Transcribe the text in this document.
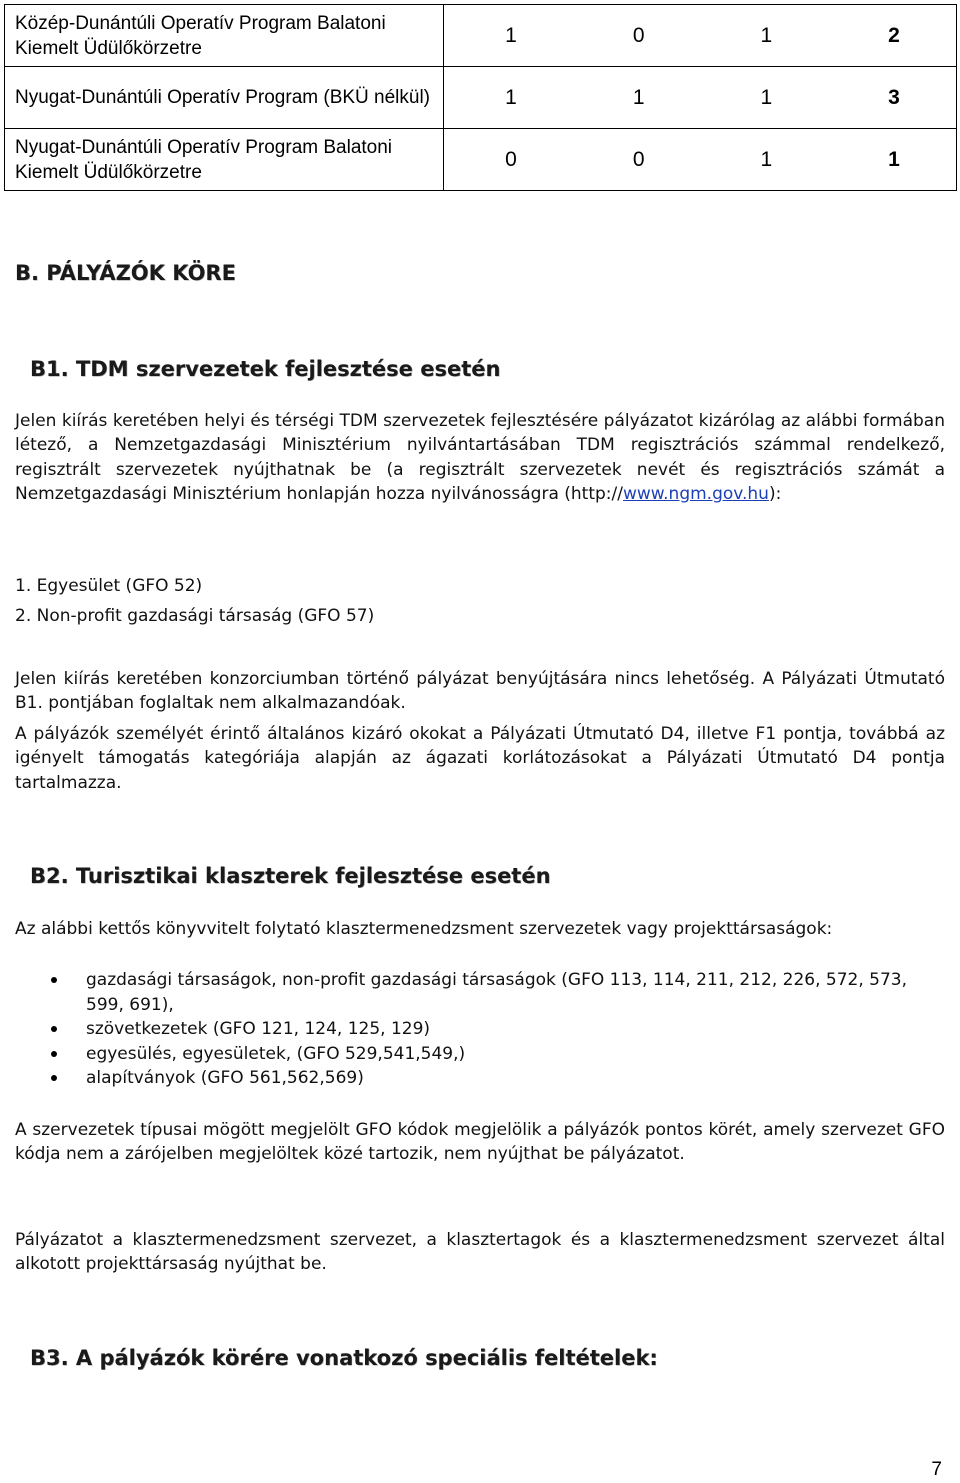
Közép-Dunántúli Operatív Program Balatoni Kiemelt Üdülőkörzetre	1 0 1 2

Nyugat-Dunántúli Operatív Program (BKÜ nélkül)	1 1 1 3

Nyugat-Dunántúli Operatív Program Balatoni Kiemelt Üdülőkörzetre	0 0 1 1
B. PÁLYÁZÓK KÖRE
B1. TDM szervezetek fejlesztése esetén
Jelen kiírás keretében helyi és térségi TDM szervezetek fejlesztésére pályázatot kizárólag az alábbi formában létező, a Nemzetgazdasági Minisztérium nyilvántartásában TDM regisztrációs számmal rendelkező, regisztrált szervezetek nyújthatnak be (a regisztrált szervezetek nevét és regisztrációs számát a Nemzetgazdasági Minisztérium honlapján hozza nyilvánosságra (http://www.ngm.gov.hu):
1. Egyesület (GFO 52)
2. Non-profit gazdasági társaság (GFO 57)
Jelen kiírás keretében konzorciumban történő pályázat benyújtására nincs lehetőség. A Pályázati Útmutató B1. pontjában foglaltak nem alkalmazandóak.
A pályázók személyét érintő általános kizáró okokat a Pályázati Útmutató D4, illetve F1 pontja, továbbá az igényelt támogatás kategóriája alapján az ágazati korlátozásokat a Pályázati Útmutató D4 pontja tartalmazza.
B2. Turisztikai klaszterek fejlesztése esetén
Az alábbi kettős könyvvitelt folytató klasztermenedzsment szervezetek vagy projekttársaságok:
gazdasági társaságok, non-profit gazdasági társaságok (GFO 113, 114, 211, 212, 226, 572, 573, 599, 691),
szövetkezetek (GFO 121, 124, 125, 129)
egyesülés, egyesületek, (GFO 529,541,549,)
alapítványok (GFO 561,562,569)
A szervezetek típusai mögött megjelölt GFO kódok megjelölik a pályázók pontos körét, amely szervezet GFO kódja nem a zárójelben megjelöltek közé tartozik, nem nyújthat be pályázatot.
Pályázatot a klasztermenedzsment szervezet, a klasztertagok és a klasztermenedzsment szervezet által alkotott projekttársaság nyújthat be.
B3. A pályázók körére vonatkozó speciális feltételek:
7
